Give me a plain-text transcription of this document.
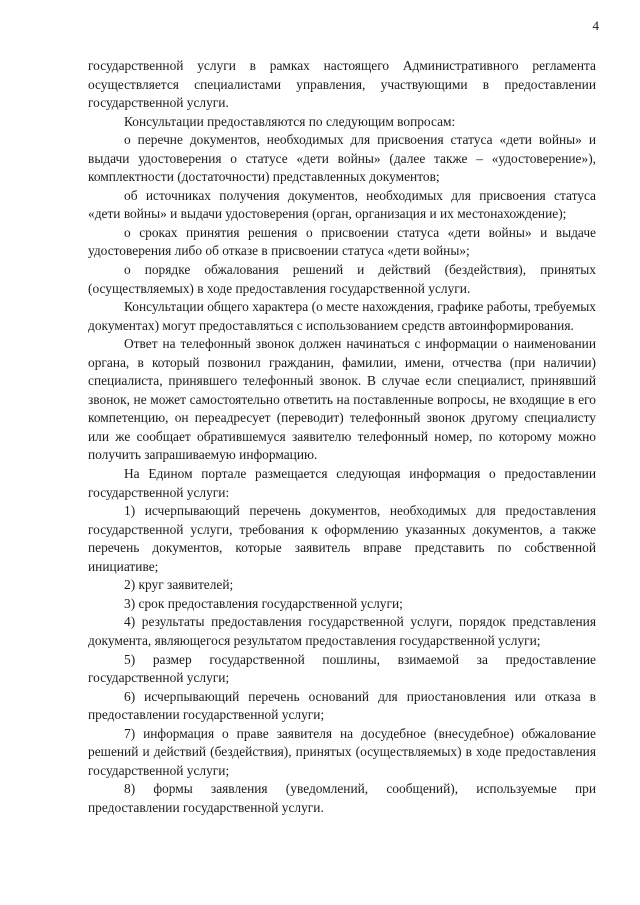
4

государственной услуги в рамках настоящего Административного регламента осуществляется специалистами управления, участвующими в предоставлении государственной услуги.

Консультации предоставляются по следующим вопросам:

о перечне документов, необходимых для присвоения статуса «дети войны» и выдачи удостоверения о статусе «дети войны» (далее также – «удостоверение»), комплектности (достаточности) представленных документов;

об источниках получения документов, необходимых для присвоения статуса «дети войны» и выдачи удостоверения (орган, организация и их местонахождение);

о сроках принятия решения о присвоении статуса «дети войны» и выдаче удостоверения либо об отказе в присвоении статуса «дети войны»;

о порядке обжалования решений и действий (бездействия), принятых (осуществляемых) в ходе предоставления государственной услуги.

Консультации общего характера (о месте нахождения, графике работы, требуемых документах) могут предоставляться с использованием средств автоинформирования.

Ответ на телефонный звонок должен начинаться с информации о наименовании органа, в который позвонил гражданин, фамилии, имени, отчества (при наличии) специалиста, принявшего телефонный звонок. В случае если специалист, принявший звонок, не может самостоятельно ответить на поставленные вопросы, не входящие в его компетенцию, он переадресует (переводит) телефонный звонок другому специалисту или же сообщает обратившемуся заявителю телефонный номер, по которому можно получить запрашиваемую информацию.

На Едином портале размещается следующая информация о предоставлении государственной услуги:

1) исчерпывающий перечень документов, необходимых для предоставления государственной услуги, требования к оформлению указанных документов, а также перечень документов, которые заявитель вправе представить по собственной инициативе;

2) круг заявителей;

3) срок предоставления государственной услуги;

4) результаты предоставления государственной услуги, порядок представления документа, являющегося результатом предоставления государственной услуги;

5) размер государственной пошлины, взимаемой за предоставление государственной услуги;

6) исчерпывающий перечень оснований для приостановления или отказа в предоставлении государственной услуги;

7) информация о праве заявителя на досудебное (внесудебное) обжалование решений и действий (бездействия), принятых (осуществляемых) в ходе предоставления государственной услуги;

8) формы заявления (уведомлений, сообщений), используемые при предоставлении государственной услуги.
